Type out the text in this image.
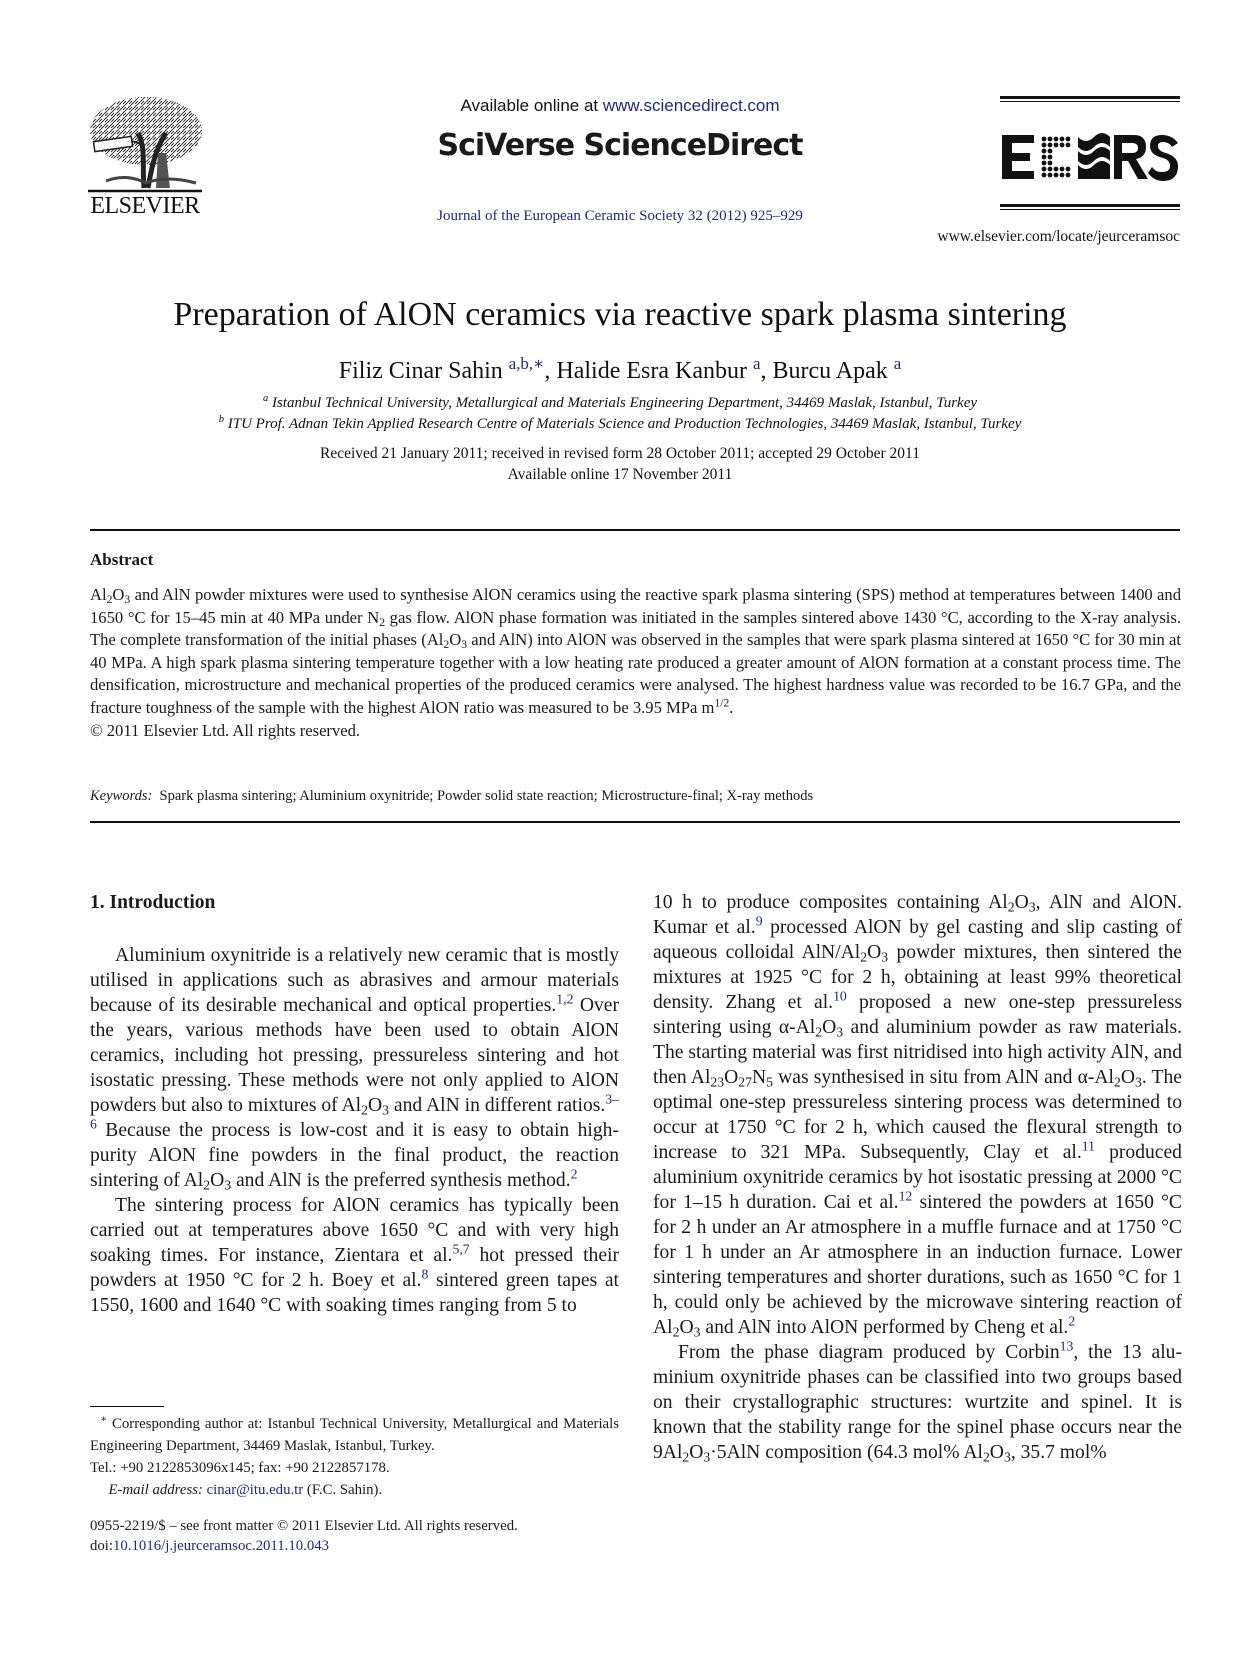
ELSEVIER
Available online at www.sciencedirect.com
SciVerse ScienceDirect
Journal of the European Ceramic Society 32 (2012) 925–929
www.elsevier.com/locate/jeurceramsoc
Preparation of AlON ceramics via reactive spark plasma sintering
Filiz Cinar Sahin $^{a,b,∗}$, Halide Esra Kanbur $^a$, Burcu Apak $^a$
$^a$ Istanbul Technical University, Metallurgical and Materials Engineering Department, 34469 Maslak, Istanbul, Turkey
$^b$ ITU Prof. Adnan Tekin Applied Research Centre of Materials Science and Production Technologies, 34469 Maslak, Istanbul, Turkey
Received 21 January 2011; received in revised form 28 October 2011; accepted 29 October 2011
Available online 17 November 2011
Abstract
$Al_2O_3$ and AlN powder mixtures were used to synthesise AlON ceramics using the reactive spark plasma sintering (SPS) method at temperatures between 1400 and 1650 °C for 15–45 min at 40 MPa under $N_2$ gas flow. AlON phase formation was initiated in the samples sintered above 1430 °C, according to the X-ray analysis. The complete transformation of the initial phases ($Al_2O_3$ and AlN) into AlON was observed in the samples that were spark plasma sintered at 1650 °C for 30 min at 40 MPa. A high spark plasma sintering temperature together with a low heating rate produced a greater amount of AlON formation at a constant process time. The densification, microstructure and mechanical properties of the produced ceramics were analysed. The highest hardness value was recorded to be 16.7 GPa, and the fracture toughness of the sample with the highest AlON ratio was measured to be 3.95 MPa $m^{1/2}$.
© 2011 Elsevier Ltd. All rights reserved.
Keywords: Spark plasma sintering; Aluminium oxynitride; Powder solid state reaction; Microstructure-final; X-ray methods
1. Introduction

Aluminium oxynitride is a relatively new ceramic that is mostly utilised in applications such as abrasives and armour materials because of its desirable mechanical and optical properties.$^{1,2}$ Over the years, various methods have been used to obtain AlON ceramics, including hot pressing, pressureless sintering and hot isostatic pressing. These methods were not only applied to AlON powders but also to mixtures of $Al_2O_3$ and AlN in different ratios.$^{3-6}$ Because the process is low-cost and it is easy to obtain high-purity AlON fine powders in the final product, the reaction sintering of $Al_2O_3$ and AlN is the preferred synthesis method.$^2$

The sintering process for AlON ceramics has typically been carried out at temperatures above 1650 °C and with very high soaking times. For instance, Zientara et al.$^{5,7}$ hot pressed their powders at 1950 °C for 2 h. Boey et al.$^8$ sintered green tapes at 1550, 1600 and 1640 °C with soaking times ranging from 5 to

10 h to produce composites containing $Al_2O_3$, AlN and AlON. Kumar et al.$^9$ processed AlON by gel casting and slip casting of aqueous colloidal AlN/$Al_2O_3$ powder mixtures, then sintered the mixtures at 1925 °C for 2 h, obtaining at least 99% theoretical density. Zhang et al.$^{10}$ proposed a new one-step pressureless sintering using $\alpha-Al_2O_3$ and aluminium powder as raw materials. The starting material was first nitridised into high activity AlN, and then $Al_{23}O_{27}N_5$ was synthesised in situ from AlN and $\alpha-Al_2O_3$. The optimal one-step pressureless sintering process was determined to occur at 1750 °C for 2 h, which caused the flexural strength to increase to 321 MPa. Subsequently, Clay et al.$^{11}$ produced aluminium oxynitride ceramics by hot isostatic pressing at 2000 °C for 1–15 h duration. Cai et al.$^{12}$ sintered the powders at 1650 °C for 2 h under an Ar atmosphere in a muffle furnace and at 1750 °C for 1 h under an Ar atmosphere in an induction furnace. Lower sintering temperatures and shorter durations, such as 1650 °C for 1 h, could only be achieved by the microwave sintering reaction of $Al_2O_3$ and AlN into AlON performed by Cheng et al.$^2$

From the phase diagram produced by Corbin$^{13}$, the 13 aluminium oxynitride phases can be classified into two groups based on their crystallographic structures: wurtzite and spinel. It is known that the stability range for the spinel phase occurs near the $9Al_2O_3\cdot 5AlN$ composition (64.3 mol% $Al_2O_3$, 35.7 mol%

∗ Corresponding author at: Istanbul Technical University, Metallurgical and Materials Engineering Department, 34469 Maslak, Istanbul, Turkey.

Tel.: +90 2122853096x145; fax: +90 2122857178.

E-mail address: cinar@itu.edu.tr (F.C. Sahin).

0955-2219/$ – see front matter © 2011 Elsevier Ltd. All rights reserved.
doi:10.1016/j.jeurceramsoc.2011.10.043
